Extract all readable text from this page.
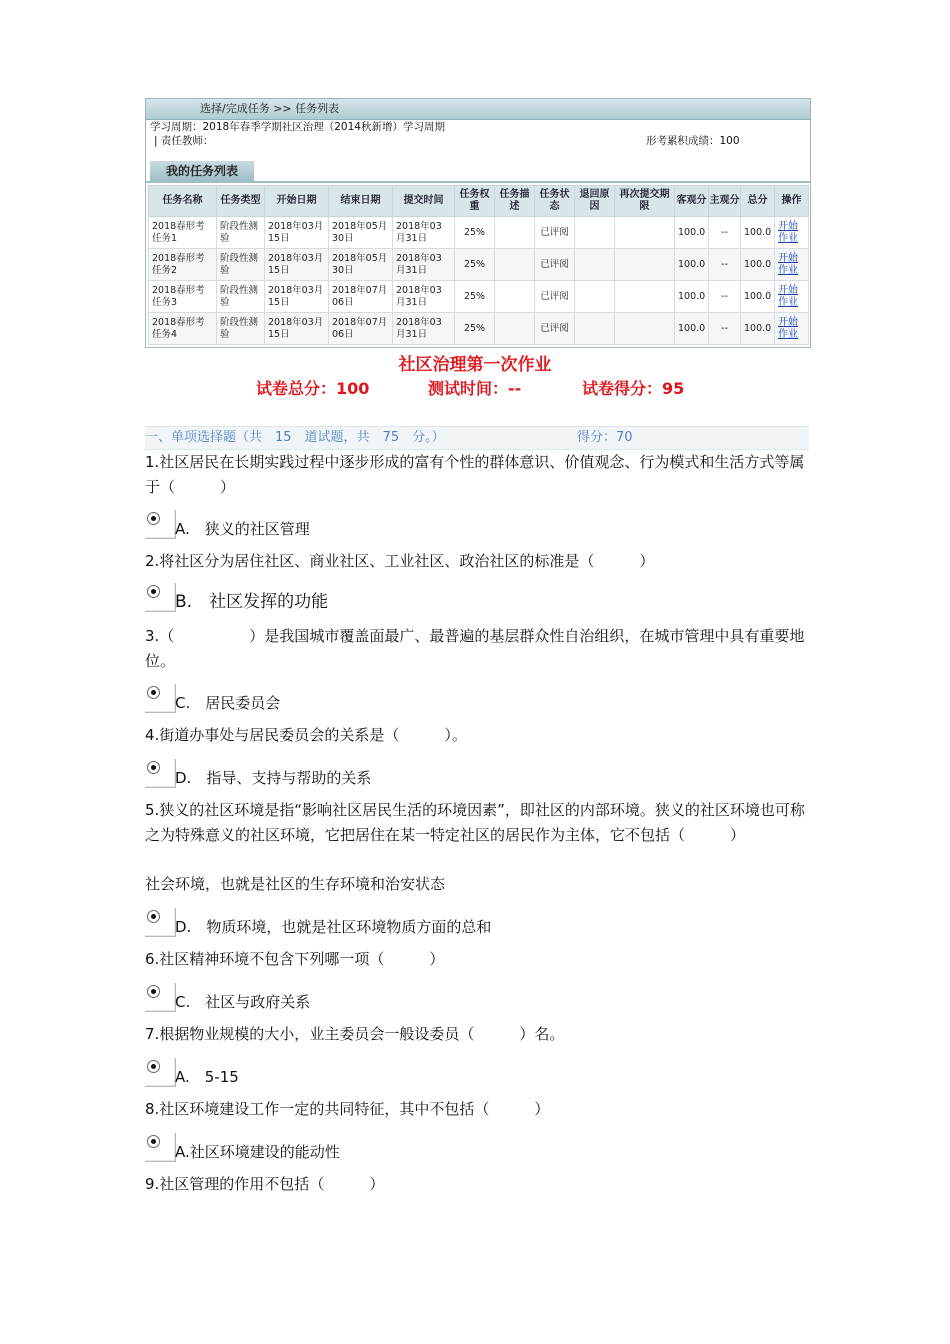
选择/完成任务 >> 任务列表
学习周期：2018年春季学期社区治理（2014秋新增）学习周期
| 责任教师：	形考累积成绩：100
我的任务列表
任务名称	任务类型	开始日期	结束日期	提交时间	任务权重	任务描述	任务状态	退回原因	再次提交期限	客观分	主观分	总分	操作
2018春形考任务1	阶段性测验	2018年03月15日	2018年05月30日	2018年03月31日	25%		已评阅			100.0	--	100.0	开始作业
2018春形考任务2	阶段性测验	2018年03月15日	2018年05月30日	2018年03月31日	25%		已评阅			100.0	--	100.0	开始作业
2018春形考任务3	阶段性测验	2018年03月15日	2018年07月06日	2018年03月31日	25%		已评阅			100.0	--	100.0	开始作业
2018春形考任务4	阶段性测验	2018年03月15日	2018年07月06日	2018年03月31日	25%		已评阅			100.0	--	100.0	开始作业
社区治理第一次作业
试卷总分：100	测试时间：--	试卷得分：95
一、单项选择题（共　15　道试题，共　75　分。）	得分：70
1.社区居民在长期实践过程中逐步形成的富有个性的群体意识、价值观念、行为模式和生活方式等属于（　　　）
A.　狭义的社区管理
2.将社区分为居住社区、商业社区、工业社区、政治社区的标准是（　　　）
B.　社区发挥的功能
3.（　　　　　）是我国城市覆盖面最广、最普遍的基层群众性自治组织，在城市管理中具有重要地位。
C.　居民委员会
4.街道办事处与居民委员会的关系是（　　　）。
D.　指导、支持与帮助的关系
5.狭义的社区环境是指“影响社区居民生活的环境因素”，即社区的内部环境。狭义的社区环境也可称之为特殊意义的社区环境，它把居住在某一特定社区的居民作为主体，它不包括（　　　）
社会环境，也就是社区的生存环境和治安状态
D.　物质环境，也就是社区环境物质方面的总和
6.社区精神环境不包含下列哪一项（　　　）
C.　社区与政府关系
7.根据物业规模的大小，业主委员会一般设委员（　　　）名。
A.　5-15
8.社区环境建设工作一定的共同特征，其中不包括（　　　）
A.社区环境建设的能动性
9.社区管理的作用不包括（　　　）
